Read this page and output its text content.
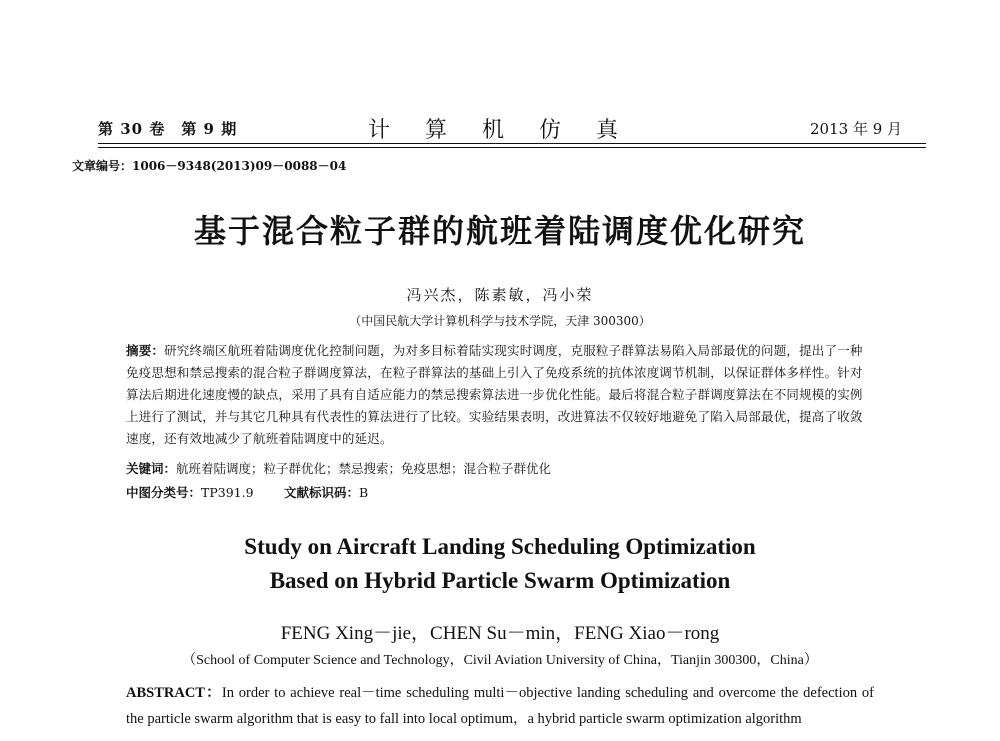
第 30 卷　第 9 期	计 算 机 仿 真	2013 年 9 月
文章编号：1006－9348(2013)09－0088－04
基于混合粒子群的航班着陆调度优化研究
冯兴杰，陈素敏，冯小荣
（中国民航大学计算机科学与技术学院，天津 300300）
摘要：研究终端区航班着陆调度优化控制问题，为对多目标着陆实现实时调度，克服粒子群算法易陷入局部最优的问题，提出了一种免疫思想和禁忌搜索的混合粒子群调度算法，在粒子群算法的基础上引入了免疫系统的抗体浓度调节机制，以保证群体多样性。针对算法后期进化速度慢的缺点，采用了具有自适应能力的禁忌搜索算法进一步优化性能。最后将混合粒子群调度算法在不同规模的实例上进行了测试，并与其它几种具有代表性的算法进行了比较。实验结果表明，改进算法不仅较好地避免了陷入局部最优，提高了收敛速度，还有效地减少了航班着陆调度中的延迟。
关键词：航班着陆调度；粒子群优化；禁忌搜索；免疫思想；混合粒子群优化
中图分类号：TP391.9 文献标识码：B
Study on Aircraft Landing Scheduling Optimization
Based on Hybrid Particle Swarm Optimization
FENG Xing－jie，CHEN Su－min，FENG Xiao－rong
（School of Computer Science and Technology，Civil Aviation University of China，Tianjin 300300，China）
ABSTRACT：In order to achieve real－time scheduling multi－objective landing scheduling and overcome the defection of the particle swarm algorithm that is easy to fall into local optimum，a hybrid particle swarm optimization algorithm
